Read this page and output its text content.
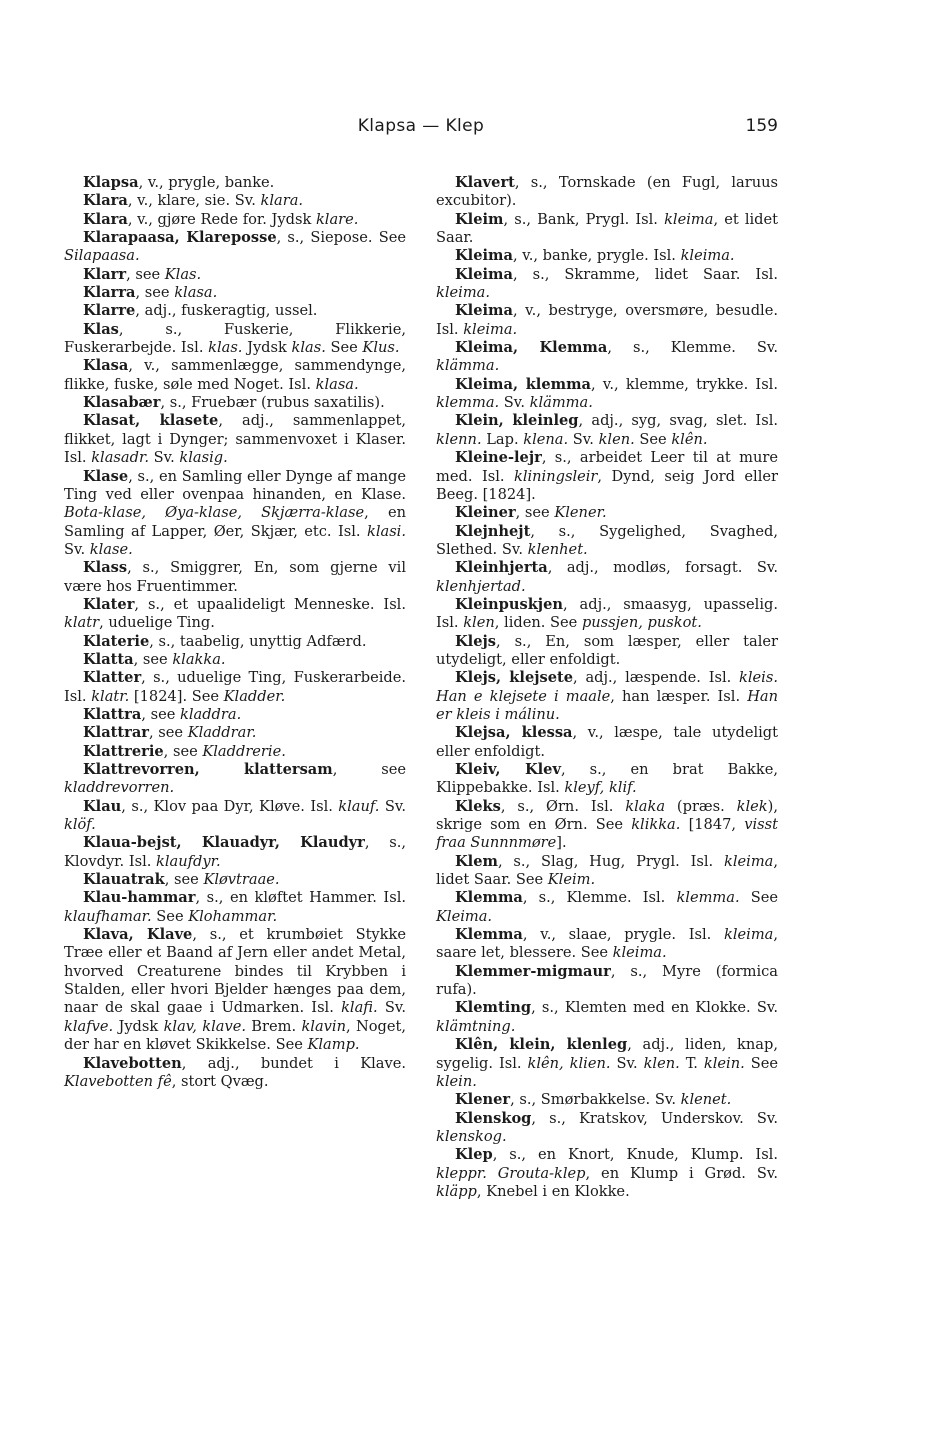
Klapsa — Klep	159

Klapsa, v., prygle, banke.

Klara, v., klare, sie. Sv. klara.

Klara, v., gjøre Rede for. Jydsk klare.

Klarapaasa, Klareposse, s., Siepose. See Silapaasa.

Klarr, see Klas.

Klarra, see klasa.

Klarre, adj., fuskeragtig, ussel.

Klas, s., Fuskerie, Flikkerie, Fuskerarbejde. Isl. klas. Jydsk klas. See Klus.

Klasa, v., sammenlægge, sammendynge, flikke, fuske, søle med Noget. Isl. klasa.

Klasabær, s., Fruebær (rubus saxatilis).

Klasat, klasete, adj., sammenlappet, flikket, lagt i Dynger; sammenvoxet i Klaser. Isl. klasadr. Sv. klasig.

Klase, s., en Samling eller Dynge af mange Ting ved eller ovenpaa hinanden, en Klase. Bota-klase, Øya-klase, Skjærra-klase, en Samling af Lapper, Øer, Skjær, etc. Isl. klasi. Sv. klase.

Klass, s., Smiggrer, En, som gjerne vil være hos Fruentimmer.

Klater, s., et upaalideligt Menneske. Isl. klatr, uduelige Ting.

Klaterie, s., taabelig, unyttig Adfærd.

Klatta, see klakka.

Klatter, s., uduelige Ting, Fuskerarbeide. Isl. klatr. [1824]. See Kladder.

Klattra, see kladdra.

Klattrar, see Kladdrar.

Klattrerie, see Kladdrerie.

Klattrevorren, klattersam, see kladdrevorren.

Klau, s., Klov paa Dyr, Kløve. Isl. klauf. Sv. klöf.

Klaua-bejst, Klauadyr, Klaudyr, s., Klovdyr. Isl. klaufdyr.

Klauatrak, see Kløvtraae.

Klau-hammar, s., en kløftet Hammer. Isl. klaufhamar. See Klohammar.

Klava, Klave, s., et krumbøiet Stykke Træe eller et Baand af Jern eller andet Metal, hvorved Creaturene bindes til Krybben i Stalden, eller hvori Bjelder hænges paa dem, naar de skal gaae i Udmarken. Isl. klafi. Sv. klafve. Jydsk klav, klave. Brem. klavin, Noget, der har en kløvet Skikkelse. See Klamp.

Klavebotten, adj., bundet i Klave. Klavebotten fê, stort Qvæg.

Klavert, s., Tornskade (en Fugl, laruus excubitor).

Kleim, s., Bank, Prygl. Isl. kleima, et lidet Saar.

Kleima, v., banke, prygle. Isl. kleima.

Kleima, s., Skramme, lidet Saar. Isl. kleima.

Kleima, v., bestryge, oversmøre, besudle. Isl. kleima.

Kleima, Klemma, s., Klemme. Sv. klämma.

Kleima, klemma, v., klemme, trykke. Isl. klemma. Sv. klämma.

Klein, kleinleg, adj., syg, svag, slet. Isl. klenn. Lap. klena. Sv. klen. See klên.

Kleine-lejr, s., arbeidet Leer til at mure med. Isl. kliningsleir, Dynd, seig Jord eller Beeg. [1824].

Kleiner, see Klener.

Klejnhejt, s., Sygelighed, Svaghed, Slethed. Sv. klenhet.

Kleinhjerta, adj., modløs, forsagt. Sv. klenhjertad.

Kleinpuskjen, adj., smaasyg, upasselig. Isl. klen, liden. See pussjen, puskot.

Klejs, s., En, som læsper, eller taler utydeligt, eller enfoldigt.

Klejs, klejsete, adj., læspende. Isl. kleis. Han e klejsete i maale, han læsper. Isl. Han er kleis i málinu.

Klejsa, klessa, v., læspe, tale utydeligt eller enfoldigt.

Kleiv, Klev, s., en brat Bakke, Klippebakke. Isl. kleyf, klif.

Kleks, s., Ørn. Isl. klaka (præs. klek), skrige som en Ørn. See klikka. [1847, visst fraa Sunnnmøre].

Klem, s., Slag, Hug, Prygl. Isl. kleima, lidet Saar. See Kleim.

Klemma, s., Klemme. Isl. klemma. See Kleima.

Klemma, v., slaae, prygle. Isl. kleima, saare let, blessere. See kleima.

Klemmer-migmaur, s., Myre (formica rufa).

Klemting, s., Klemten med en Klokke. Sv. klämtning.

Klên, klein, klenleg, adj., liden, knap, sygelig. Isl. klên, klien. Sv. klen. T. klein. See klein.

Klener, s., Smørbakkelse. Sv. klenet.

Klenskog, s., Kratskov, Underskov. Sv. klenskog.

Klep, s., en Knort, Knude, Klump. Isl. kleppr. Grouta-klep, en Klump i Grød. Sv. kläpp, Knebel i en Klokke.
